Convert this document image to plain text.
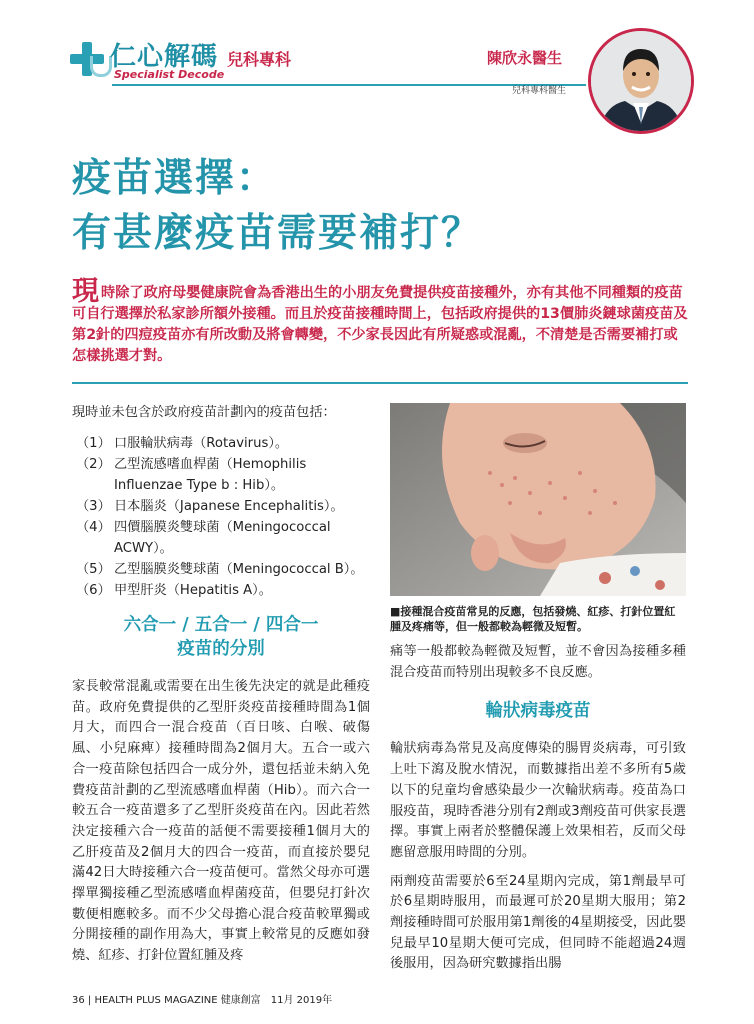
仁心解碼
Specialist Decode
兒科專科	陳欣永醫生
兒科專科醫生
疫苗選擇：
有甚麼疫苗需要補打？
現時除了政府母嬰健康院會為香港出生的小朋友免費提供疫苗接種外，亦有其他不同種類的疫苗可自行選擇於私家診所額外接種。而且於疫苗接種時間上，包括政府提供的13價肺炎鏈球菌疫苗及第2針的四痘疫苗亦有所改動及將會轉變，不少家長因此有所疑惑或混亂，不清楚是否需要補打或怎樣挑選才對。

現時並未包含於政府疫苗計劃內的疫苗包括：

（1） 口服輪狀病毒（Rotavirus）。
（2） 乙型流感嗜血桿菌（Hemophilis Influenzae Type b : Hib）。
（3） 日本腦炎（Japanese Encephalitis）。
（4） 四價腦膜炎雙球菌（Meningococcal ACWY）。
（5） 乙型腦膜炎雙球菌（Meningococcal B）。
（6） 甲型肝炎（Hepatitis A）。
六合一 / 五合一 / 四合一
疫苗的分別

家長較常混亂或需要在出生後先決定的就是此種疫苗。政府免費提供的乙型肝炎疫苗接種時間為1個月大，而四合一混合疫苗（百日咳、白喉、破傷風、小兒麻痺）接種時間為2個月大。五合一或六合一疫苗除包括四合一成分外，還包括並未納入免費疫苗計劃的乙型流感嗜血桿菌（Hib）。而六合一較五合一疫苗還多了乙型肝炎疫苗在內。因此若然決定接種六合一疫苗的話便不需要接種1個月大的乙肝疫苗及2個月大的四合一疫苗，而直接於嬰兒滿42日大時接種六合一疫苗便可。當然父母亦可選擇單獨接種乙型流感嗜血桿菌疫苗，但嬰兒打針次數便相應較多。而不少父母擔心混合疫苗較單獨或分開接種的副作用為大，事實上較常見的反應如發燒、紅疹、打針位置紅腫及疼

■接種混合疫苗常見的反應，包括發燒、紅疹、打針位置紅腫及疼痛等，但一般都較為輕微及短暫。

痛等一般都較為輕微及短暫，並不會因為接種多種混合疫苗而特別出現較多不良反應。

輪狀病毒疫苗

輪狀病毒為常見及高度傳染的腸胃炎病毒，可引致上吐下瀉及脫水情況，而數據指出差不多所有5歲以下的兒童均會感染最少一次輪狀病毒。疫苗為口服疫苗，現時香港分別有2劑或3劑疫苗可供家長選擇。事實上兩者於整體保護上效果相若，反而父母應留意服用時間的分別。

兩劑疫苗需要於6至24星期內完成，第1劑最早可於6星期時服用，而最遲可於20星期大服用；第2劑接種時間可於服用第1劑後的4星期接受，因此嬰兒最早10星期大便可完成，但同時不能超過24週後服用，因為研究數據指出腸

36 | HEALTH PLUS MAGAZINE 健康創富　11月 2019年
